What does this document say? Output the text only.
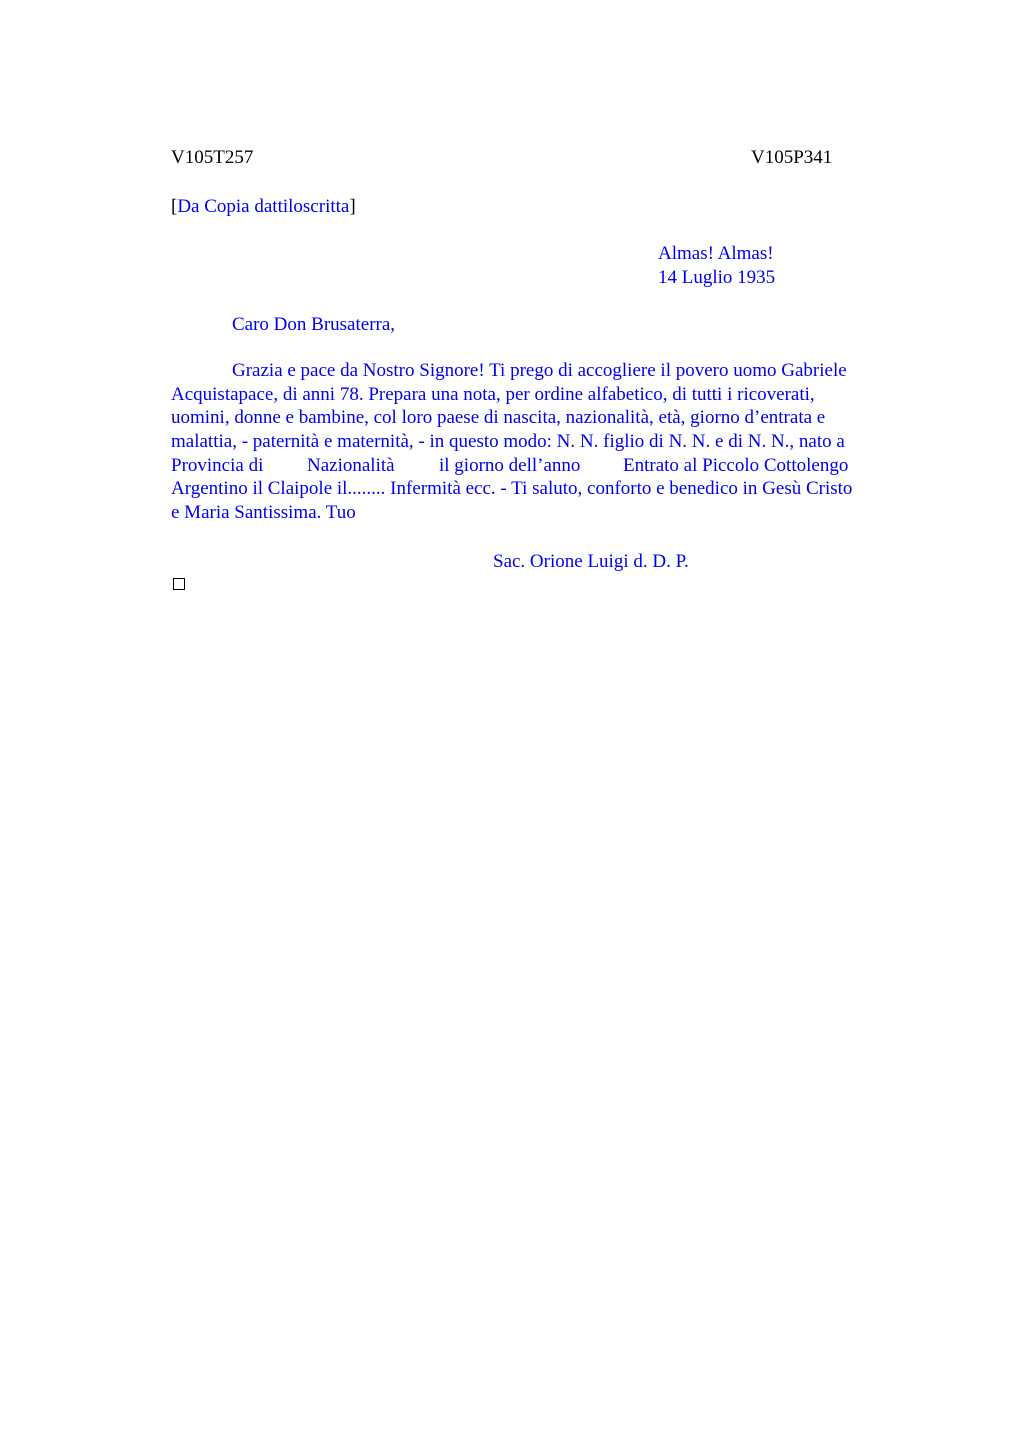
V105T257	V105P341
[Da Copia dattiloscritta]
Almas! Almas!
14 Luglio 1935
Caro Don Brusaterra,
Grazia e pace da Nostro Signore! Ti prego di accogliere il povero uomo Gabriele
Acquistapace, di anni 78. Prepara una nota, per ordine alfabetico, di tutti i ricoverati,
uomini, donne e bambine, col loro paese di nascita, nazionalità, età, giorno d’entrata e
malattia, - paternità e maternità, - in questo modo: N. N. figlio di N. N. e di N. N., nato a
Provincia di Nazionalità il giorno dell’anno Entrato al Piccolo Cottolengo
Argentino il Claipole il........ Infermità ecc. - Ti saluto, conforto e benedico in Gesù Cristo
e Maria Santissima. Tuo
Sac. Orione Luigi d. D. P.
